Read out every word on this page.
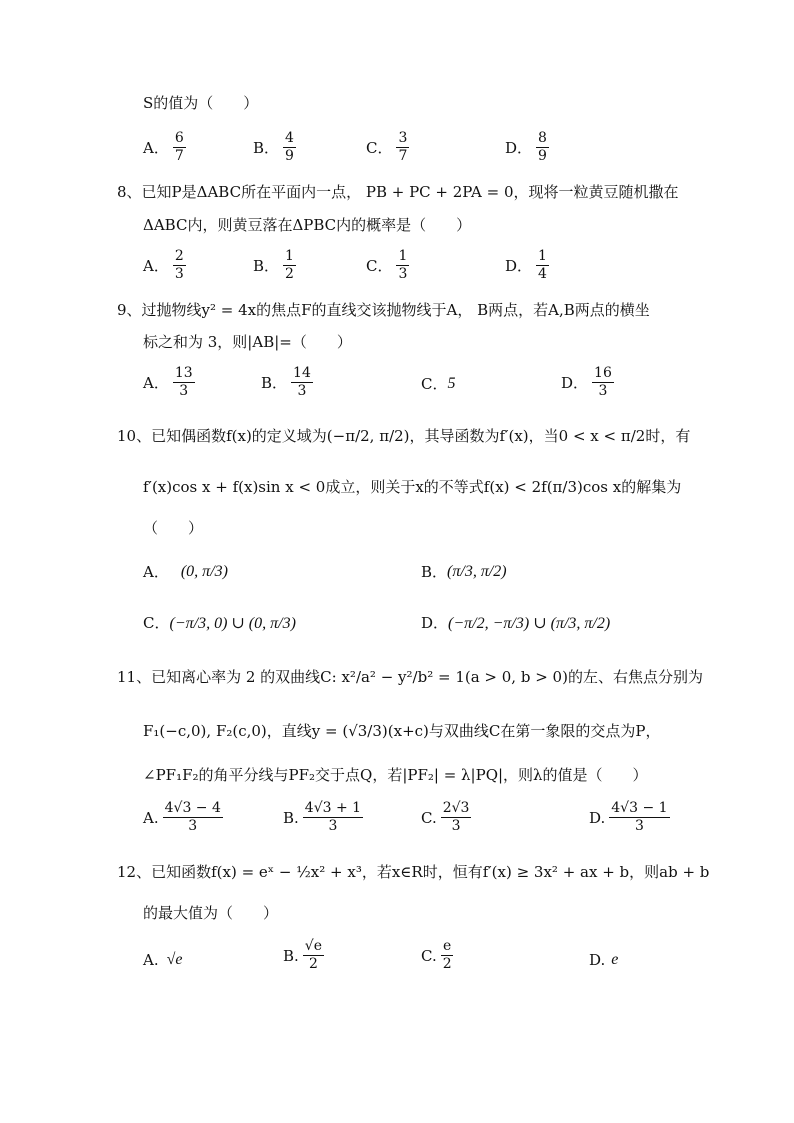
S的值为（　　）
A． $\frac{6}{7}$	B． $\frac{4}{9}$	C． $\frac{3}{7}$	D． $\frac{8}{9}$
8、已知P是ΔABC所在平面内一点， PB + PC + 2PA = 0，现将一粒黄豆随机撒在
ΔABC内，则黄豆落在ΔPBC内的概率是（　　）
A． $\frac{2}{3}$	B． $\frac{1}{2}$	C． $\frac{1}{3}$	D． $\frac{1}{4}$
9、过抛物线y² = 4x的焦点F的直线交该抛物线于A， B两点，若A,B两点的横坐
标之和为 3，则|AB|=（　　）
A． $\frac{13}{3}$	B． $\frac{14}{3}$	C．5	D． $\frac{16}{3}$
10、已知偶函数f(x)的定义域为(−π/2, π/2)，其导函数为f′(x)，当0 < x < π/2时，有
f′(x)cos x + f(x)sin x < 0成立，则关于x的不等式f(x) < 2f(π/3)cos x的解集为
（　　）
A． (0, π/3)	B．(π/3, π/2)
C．(−π/3, 0) ∪ (0, π/3)	D．(−π/2, −π/3) ∪ (π/3, π/2)
11、已知离心率为 2 的双曲线C: x²/a² − y²/b² = 1(a > 0, b > 0)的左、右焦点分别为
F₁(−c,0), F₂(c,0)，直线y = (√3/3)(x+c)与双曲线C在第一象限的交点为P，
∠PF₁F₂的角平分线与PF₂交于点Q，若|PF₂| = λ|PQ|，则λ的值是（　　）
A. $\frac{4√3 - 4}{3}$	B. $\frac{4√3 + 1}{3}$	C. $\frac{2√3}{3}$	D. $\frac{4√3 - 1}{3}$
12、已知函数f(x) = eˣ − ½x² + x³，若x∈R时，恒有f′(x) ≥ 3x² + ax + b，则ab + b
的最大值为（　　）
A. √e	B. $\frac{√e}{2}$	C. $\frac{e}{2}$	D. e
